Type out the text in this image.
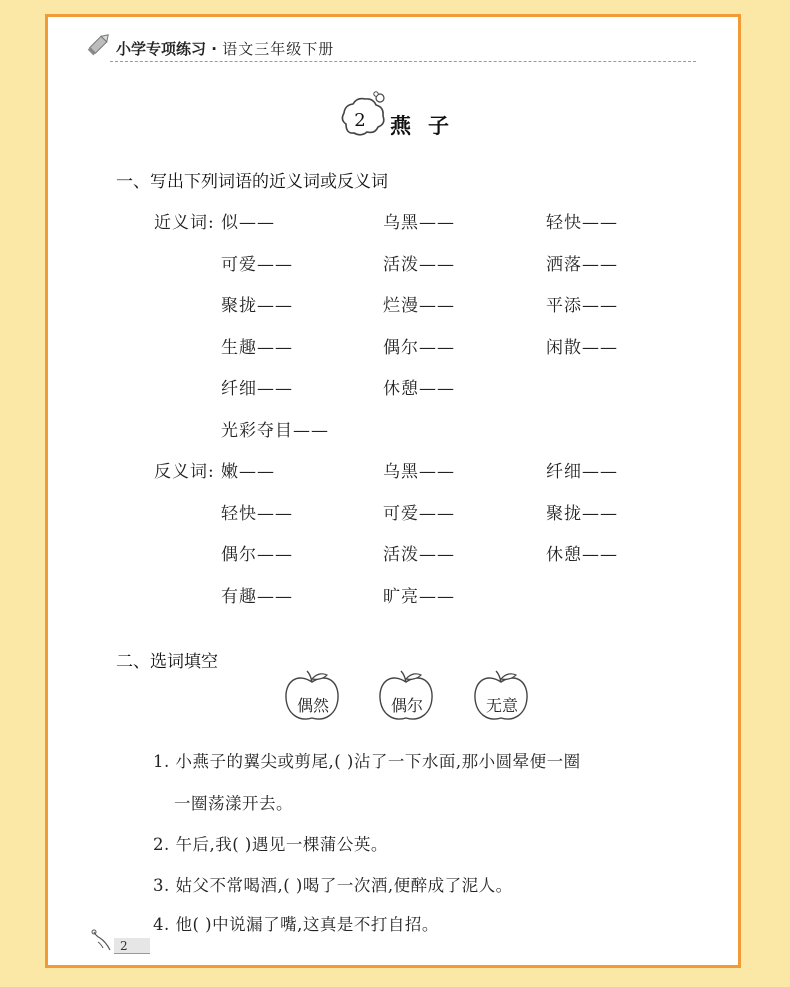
小学专项练习 · 语文三年级下册
2 燕子
一、写出下列词语的近义词或反义词
近义词: 似——	乌黑——	轻快——
可爱——	活泼——	洒落——
聚拢——	烂漫——	平添——
生趣——	偶尔——	闲散——
纤细——	休憩——
光彩夺目——
反义词: 嫩——	乌黑——	纤细——
轻快——	可爱——	聚拢——
偶尔——	活泼——	休憩——
有趣——	旷亮——
二、选词填空
偶然	偶尔	无意
1. 小燕子的翼尖或剪尾,( )沾了一下水面,那小圆晕便一圈
一圈荡漾开去。
2. 午后,我( )遇见一棵蒲公英。
3. 姑父不常喝酒,( )喝了一次酒,便醉成了泥人。
4. 他( )中说漏了嘴,这真是不打自招。
2
